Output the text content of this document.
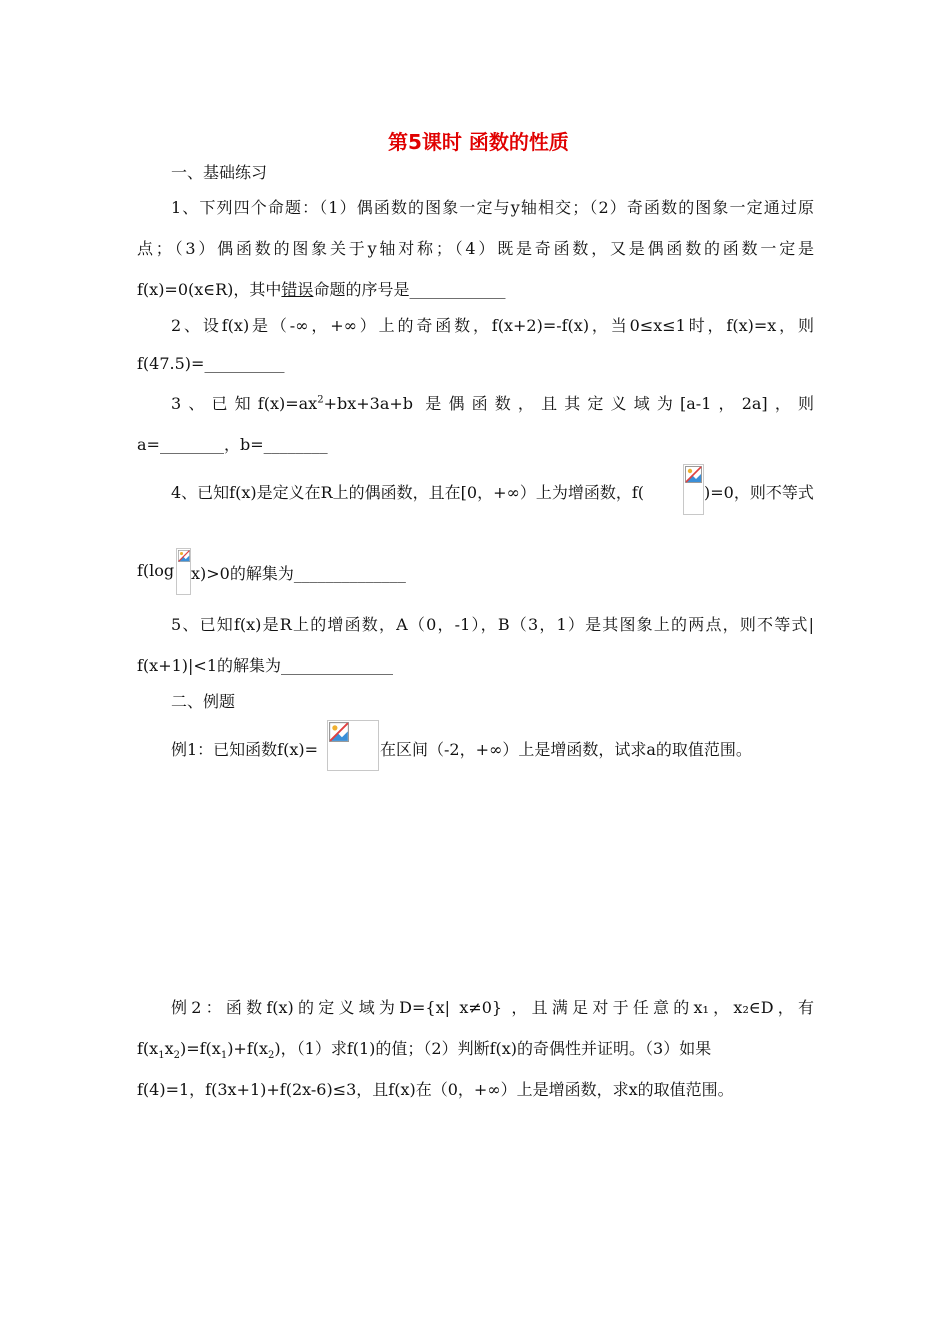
第5课时 函数的性质
一、基础练习
1、下列四个命题：（1）偶函数的图象一定与y轴相交；（2）奇函数的图象一定通过原
点；（3）偶函数的图象关于y轴对称；（4）既是奇函数，又是偶函数的函数一定是
f(x)=0(x∈R)，其中错误命题的序号是____________
2、设f(x)是（-∞，+∞）上的奇函数，f(x+2)=-f(x)，当0≤x≤1时，f(x)=x，则
f(47.5)=__________
3、已知$f(x)=ax^2+bx+3a+b$ 是偶函数，且其定义域为[a-1，2a]，则
a=________，b=________
4、已知f(x)是定义在R上的偶函数，且在[0，+∞）上为增函数，f(	)=0，则不等式
f(log x)>0的解集为______________
5、已知f(x)是R上的增函数，A（0，-1），B（3，1）是其图象上的两点，则不等式|
f(x+1)|<1的解集为______________
二、例题
例1：已知函数f(x)=	在区间（-2，+∞）上是增函数，试求a的取值范围。
例2：函数f(x)的定义域为D={x| x≠0} ，且满足对于任意的x₁，x₂∈D，有
$f(x_1x_2)=f(x_1)+f(x_2)$，（1）求f(1)的值；（2）判断f(x)的奇偶性并证明。（3）如果
f(4)=1，f(3x+1)+f(2x-6)≤3，且f(x)在（0，+∞）上是增函数，求x的取值范围。
